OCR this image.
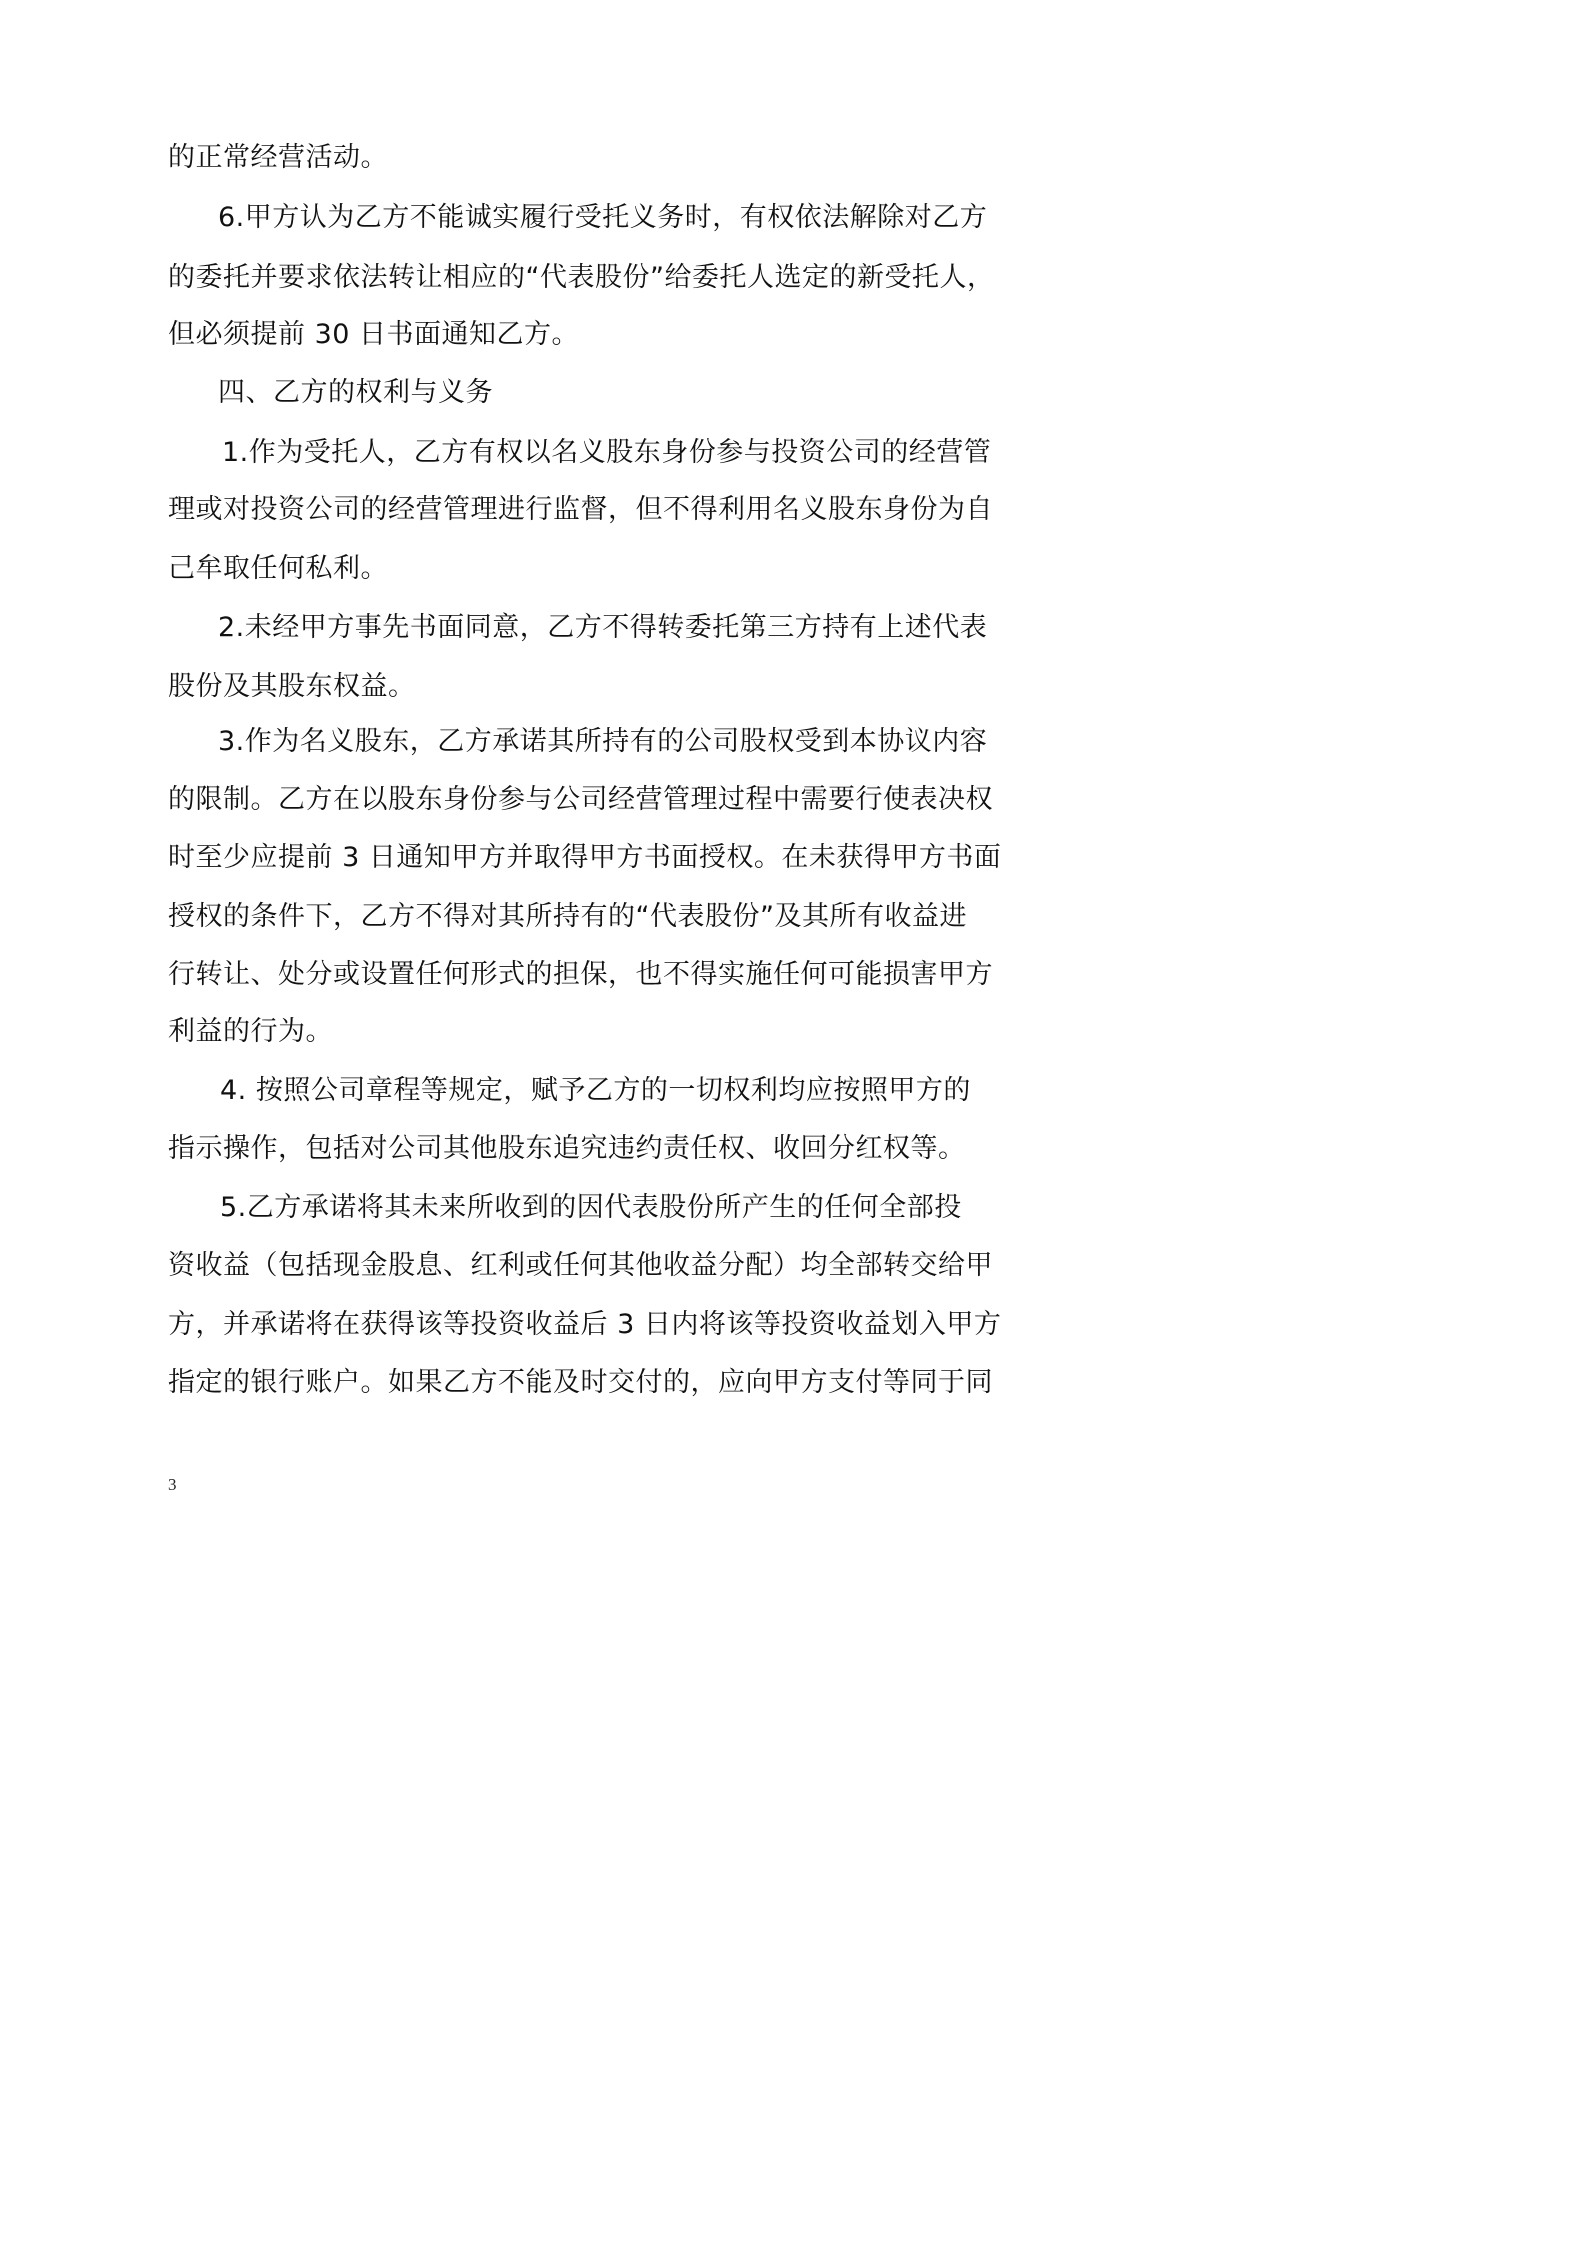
的正常经营活动。
6.甲方认为乙方不能诚实履行受托义务时，有权依法解除对乙方
的委托并要求依法转让相应的“代表股份”给委托人选定的新受托人，
但必须提前 30 日书面通知乙方。
四、乙方的权利与义务
1.作为受托人，乙方有权以名义股东身份参与投资公司的经营管
理或对投资公司的经营管理进行监督，但不得利用名义股东身份为自
己牟取任何私利。
2.未经甲方事先书面同意，乙方不得转委托第三方持有上述代表
股份及其股东权益。
3.作为名义股东，乙方承诺其所持有的公司股权受到本协议内容
的限制。乙方在以股东身份参与公司经营管理过程中需要行使表决权
时至少应提前 3 日通知甲方并取得甲方书面授权。在未获得甲方书面
授权的条件下，乙方不得对其所持有的“代表股份”及其所有收益进
行转让、处分或设置任何形式的担保，也不得实施任何可能损害甲方
利益的行为。
4. 按照公司章程等规定，赋予乙方的一切权利均应按照甲方的
指示操作，包括对公司其他股东追究违约责任权、收回分红权等。
5.乙方承诺将其未来所收到的因代表股份所产生的任何全部投
资收益（包括现金股息、红利或任何其他收益分配）均全部转交给甲
方，并承诺将在获得该等投资收益后 3 日内将该等投资收益划入甲方
指定的银行账户。如果乙方不能及时交付的，应向甲方支付等同于同
3
